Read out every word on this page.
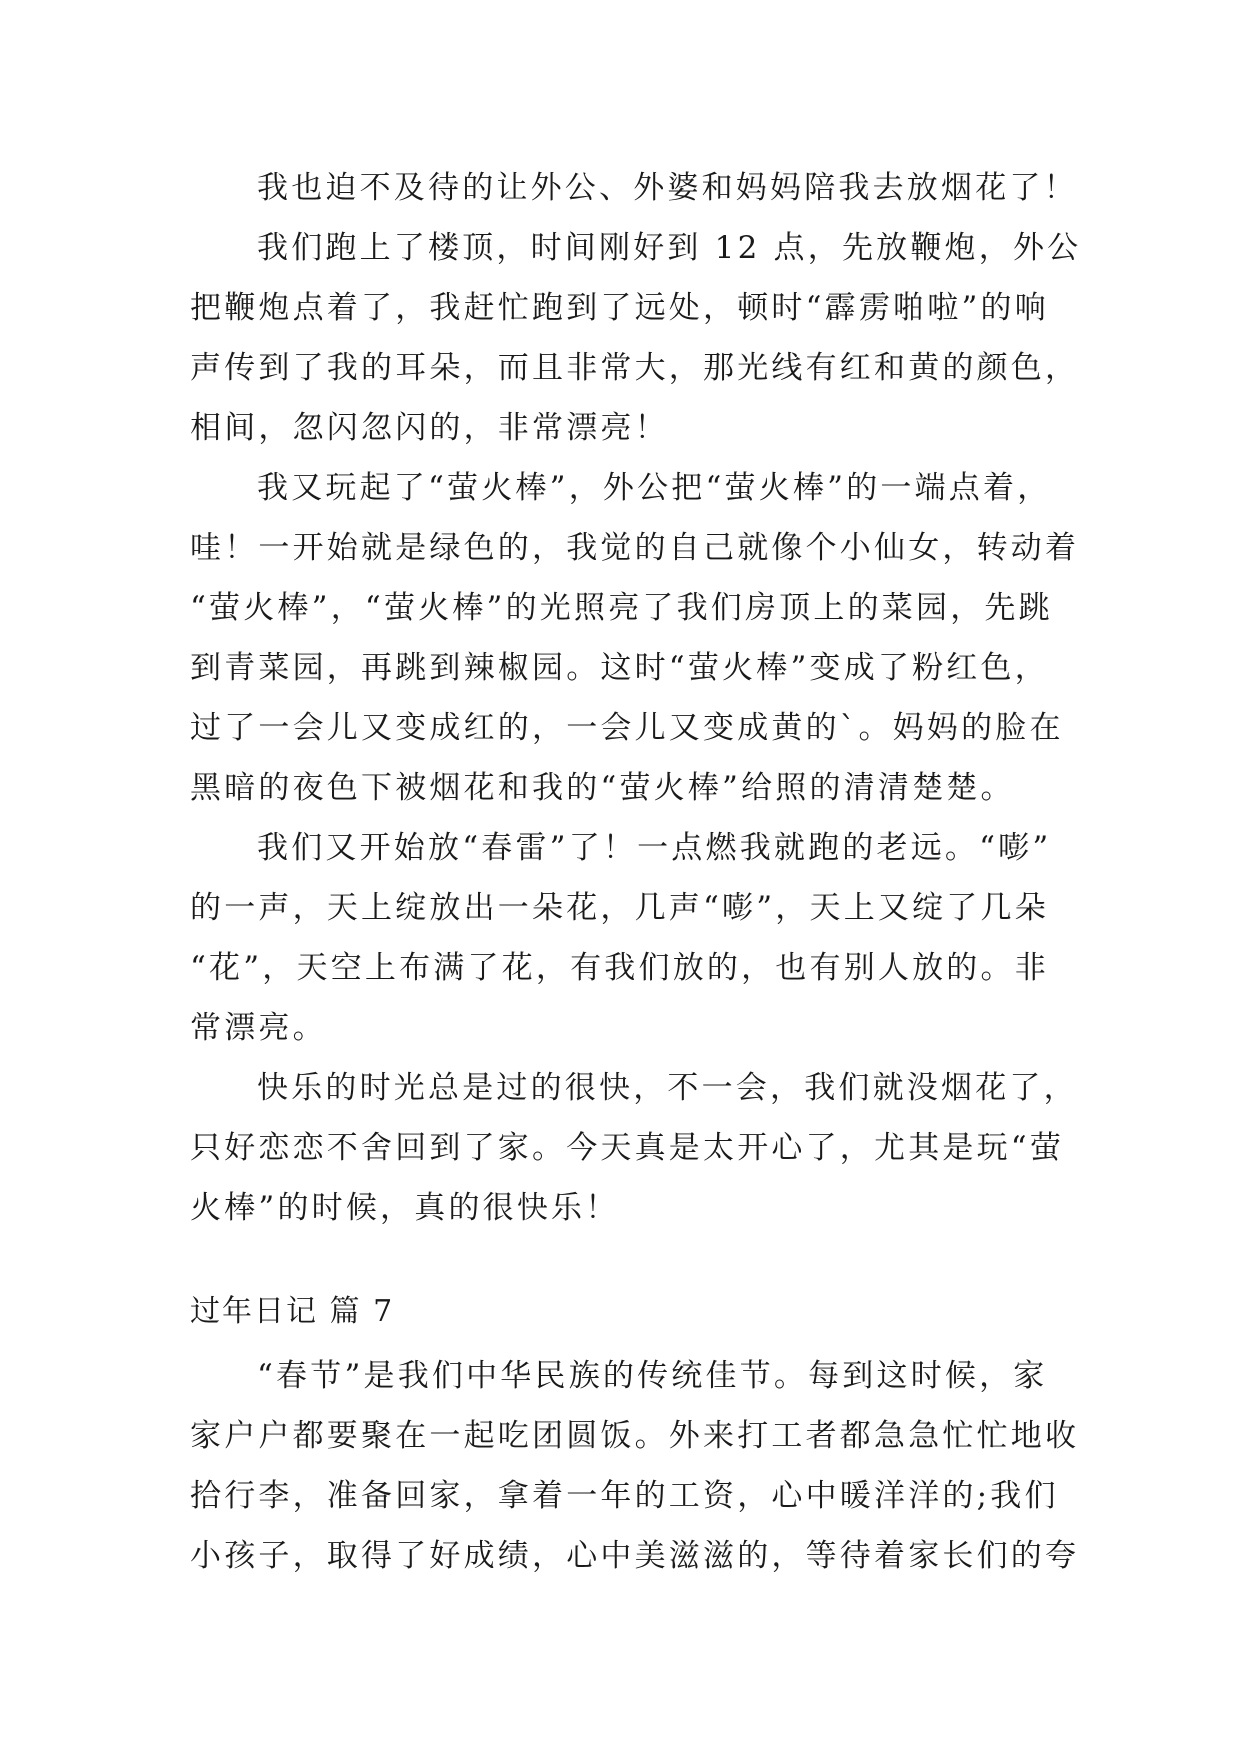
我也迫不及待的让外公、外婆和妈妈陪我去放烟花了！
我们跑上了楼顶，时间刚好到 12 点，先放鞭炮，外公
把鞭炮点着了，我赶忙跑到了远处，顿时“霹雳啪啦”的响
声传到了我的耳朵，而且非常大，那光线有红和黄的颜色，
相间，忽闪忽闪的，非常漂亮！
我又玩起了“萤火棒”，外公把“萤火棒”的一端点着，
哇！一开始就是绿色的，我觉的自己就像个小仙女，转动着
“萤火棒”，“萤火棒”的光照亮了我们房顶上的菜园，先跳
到青菜园，再跳到辣椒园。这时“萤火棒”变成了粉红色，
过了一会儿又变成红的，一会儿又变成黄的`。妈妈的脸在
黑暗的夜色下被烟花和我的“萤火棒”给照的清清楚楚。
我们又开始放“春雷”了！一点燃我就跑的老远。“嘭”
的一声，天上绽放出一朵花，几声“嘭”，天上又绽了几朵
“花”，天空上布满了花，有我们放的，也有别人放的。非
常漂亮。
快乐的时光总是过的很快，不一会，我们就没烟花了，
只好恋恋不舍回到了家。今天真是太开心了，尤其是玩“萤
火棒”的时候，真的很快乐！
过年日记 篇 7
“春节”是我们中华民族的传统佳节。每到这时候，家
家户户都要聚在一起吃团圆饭。外来打工者都急急忙忙地收
拾行李，准备回家，拿着一年的工资，心中暖洋洋的;我们
小孩子，取得了好成绩，心中美滋滋的，等待着家长们的夸
